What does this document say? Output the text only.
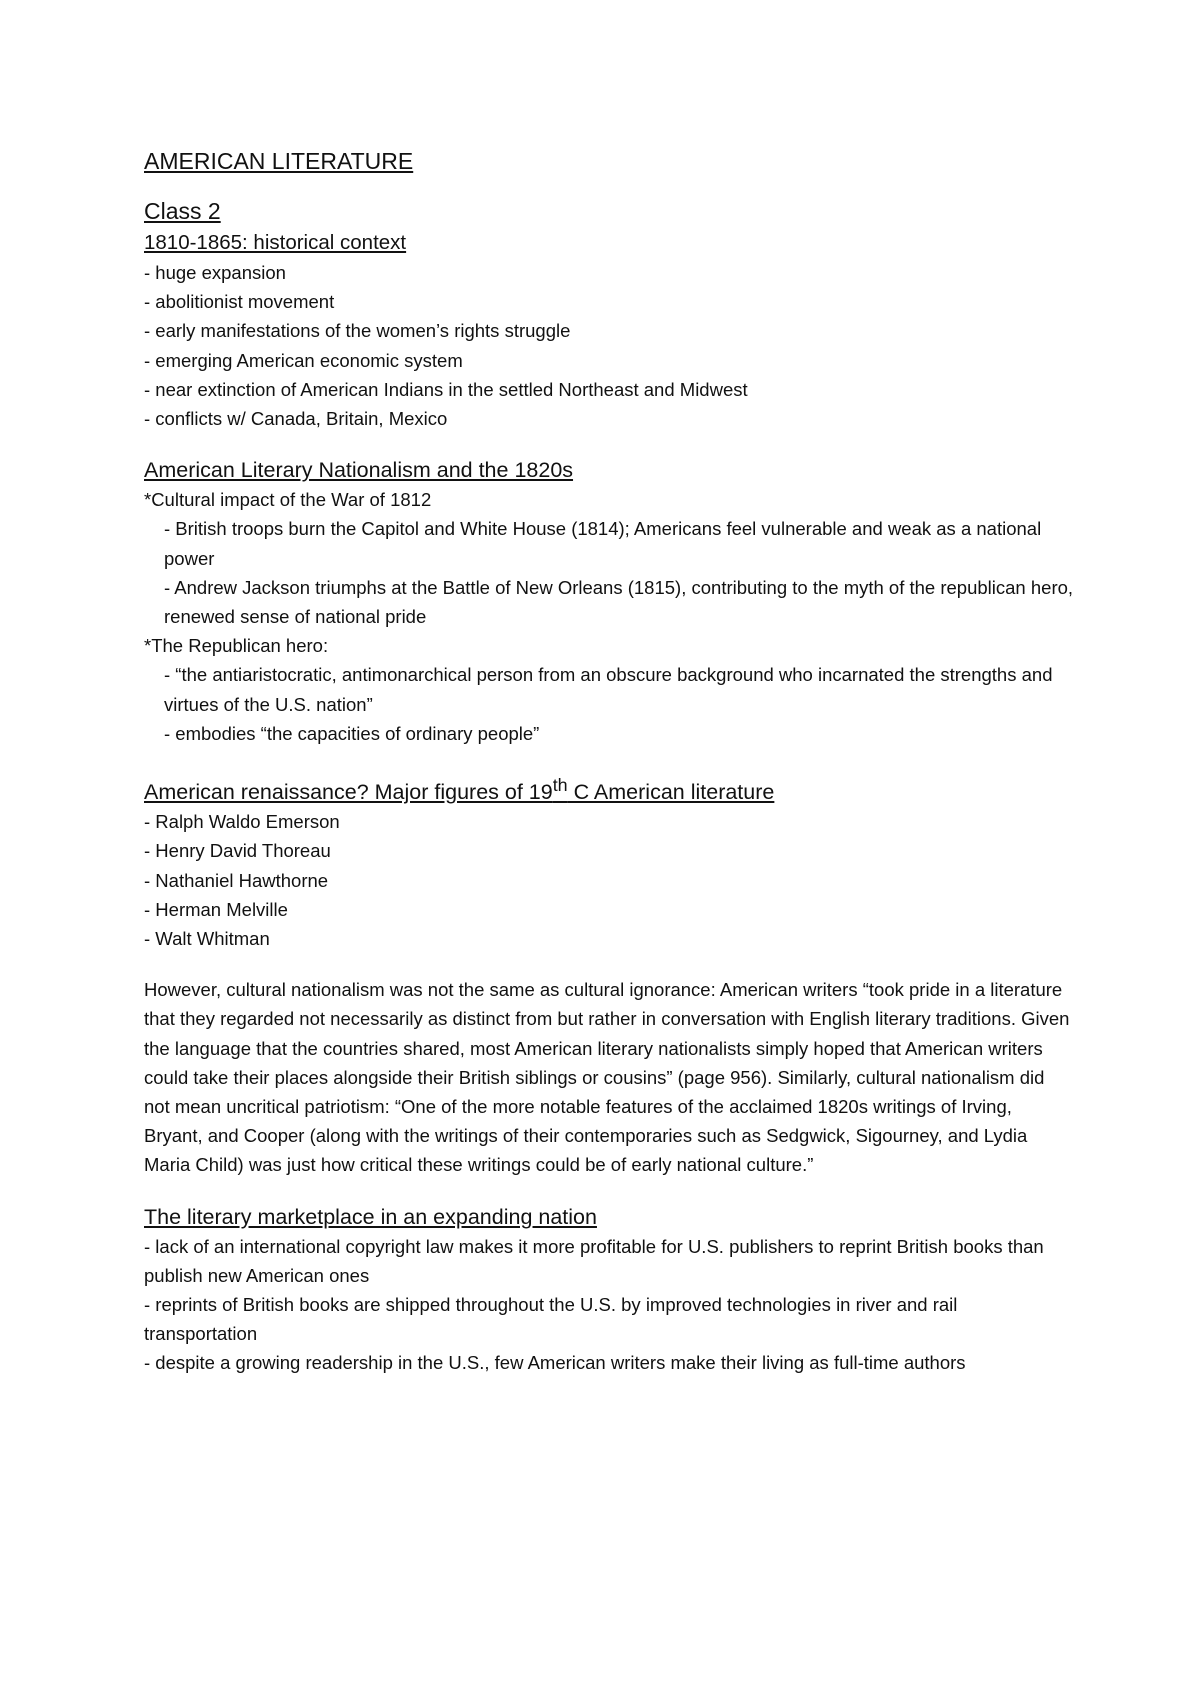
AMERICAN LITERATURE
Class 2
1810-1865: historical context
- huge expansion
- abolitionist movement
- early manifestations of the women’s rights struggle
- emerging American economic system
- near extinction of American Indians in the settled Northeast and Midwest
- conflicts w/ Canada, Britain, Mexico
American Literary Nationalism and the 1820s

*Cultural impact of the War of 1812

- British troops burn the Capitol and White House (1814); Americans feel vulnerable and weak as a national power

- Andrew Jackson triumphs at the Battle of New Orleans (1815), contributing to the myth of the republican hero, renewed sense of national pride

*The Republican hero:

- “the antiaristocratic, antimonarchical person from an obscure background who incarnated the strengths and virtues of the U.S. nation”

- embodies “the capacities of ordinary people”

American renaissance? Major figures of 19th C American literature
- Ralph Waldo Emerson
- Henry David Thoreau
- Nathaniel Hawthorne
- Herman Melville
- Walt Whitman

However, cultural nationalism was not the same as cultural ignorance: American writers “took pride in a literature that they regarded not necessarily as distinct from but rather in conversation with English literary traditions. Given the language that the countries shared, most American literary nationalists simply hoped that American writers could take their places alongside their British siblings or cousins” (page 956). Similarly, cultural nationalism did not mean uncritical patriotism: “One of the more notable features of the acclaimed 1820s writings of Irving, Bryant, and Cooper (along with the writings of their contemporaries such as Sedgwick, Sigourney, and Lydia Maria Child) was just how critical these writings could be of early national culture.”

The literary marketplace in an expanding nation
- lack of an international copyright law makes it more profitable for U.S. publishers to reprint British books than publish new American ones
- reprints of British books are shipped throughout the U.S. by improved technologies in river and rail transportation
- despite a growing readership in the U.S., few American writers make their living as full-time authors
